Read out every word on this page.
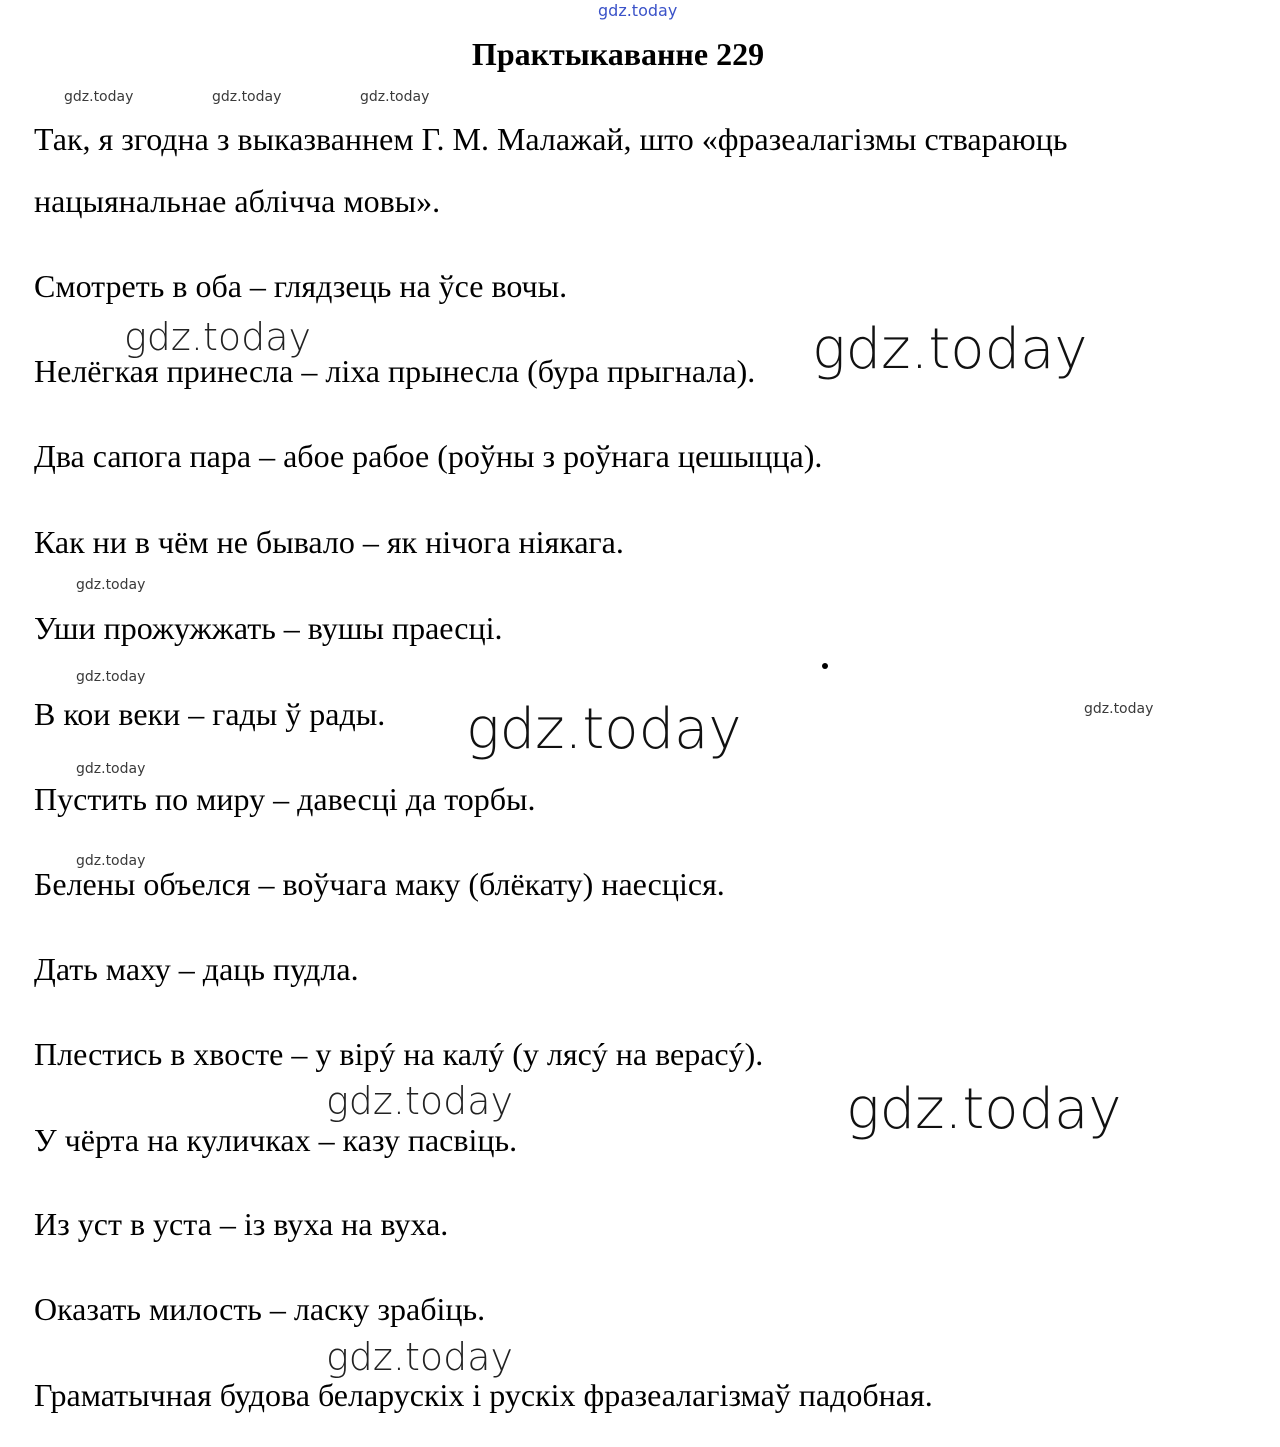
gdz.today
Практыкаванне 229
gdz.today	gdz.today	gdz.today
Так, я згодна з выказваннем Г. М. Малажай, што «фразеалагізмы ствараюць
нацыянальнае аблічча мовы».
Смотреть в оба – глядзець на ўсе вочы.
gdz.today
Нелёгкая принесла – ліха прынесла (бура прыгнала). gdz.today
Два сапога пара – абое рабое (роўны з роўнага цешыцца).
Как ни в чём не бывало – як нічога ніякага.
gdz.today
Уши прожужжать – вушы праесці.
gdz.today
gdz.today
В кои веки – гады ў рады. gdz.today
gdz.today
Пустить по миру – давесці да торбы.
gdz.today
Белены объелся – воўчага маку (блёкату) наесціся.
Дать маху – даць пудла.
Плестись в хвосте – у вірý на калý (у лясý на верасý).
gdz.today	gdz.today
У чёрта на куличках – казу пасвіць.
Из уст в уста – із вуха на вуха.
Оказать милость – ласку зрабіць.
gdz.today
Граматычная будова беларускіх і рускіх фразеалагізмаў падобная.
